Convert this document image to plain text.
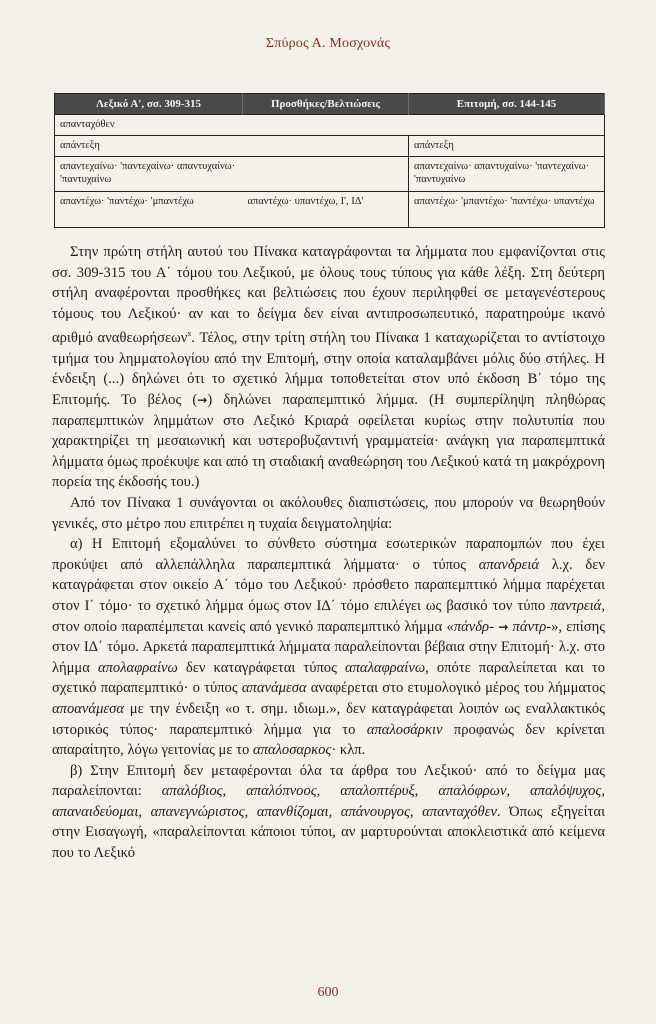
Σπύρος Α. Μοσχονάς
Λεξικό Α', σσ. 309-315	Προσθήκες/Βελτιώσεις	Επιτομή, σσ. 144-145
απανταχόθεν		
απάντεξη		απάντεξη
απαντεχαίνω· 'παντεχαίνω· απαντυχαίνω· 'παντυχαίνω		απαντεχαίνω· απαντυχαίνω· 'παντεχαίνω· 'παντυχαίνω
απαντέχω· 'παντέχω· 'μπαντέχω	απαντέχω· υπαντέχω, Ι', ΙΔ'	απαντέχω· 'μπαντέχω· 'παντέχω· υπαντέχω

Στην πρώτη στήλη αυτού του Πίνακα καταγράφονται τα λήμματα που εμφανίζονται στις σσ. 309-315 του Α΄ τόμου του Λεξικού, με όλους τους τύπους για κάθε λέξη. Στη δεύτερη στήλη αναφέρονται προσθήκες και βελτιώσεις που έχουν περιληφθεί σε μεταγενέστερους τόμους του Λεξικού· αν και το δείγμα δεν είναι αντιπροσωπευτικό, παρατηρούμε ικανό αριθμό αναθεωρήσεων$^x$. Τέλος, στην τρίτη στήλη του Πίνακα 1 καταχωρίζεται το αντίστοιχο τμήμα του λημματολογίου από την Επιτομή, στην οποία καταλαμβάνει μόλις δύο στήλες. Η ένδειξη (...) δηλώνει ότι το σχετικό λήμμα τοποθετείται στον υπό έκδοση Β΄ τόμο της Επιτομής. Το βέλος (→) δηλώνει παραπεμπτικό λήμμα. (Η συμπερίληψη πληθώρας παραπεμπτικών λημμάτων στο Λεξικό Κριαρά οφείλεται κυρίως στην πολυτυπία που χαρακτηρίζει τη μεσαιωνική και υστεροβυζαντινή γραμματεία· ανάγκη για παραπεμπτικά λήμματα όμως προέκυψε και από τη σταδιακή αναθεώρηση του Λεξικού κατά τη μακρόχρονη πορεία της έκδοσής του.)

Από τον Πίνακα 1 συνάγονται οι ακόλουθες διαπιστώσεις, που μπορούν να θεωρηθούν γενικές, στο μέτρο που επιτρέπει η τυχαία δειγματοληψία:

α) Η Επιτομή εξομαλύνει το σύνθετο σύστημα εσωτερικών παραπομπών που έχει προκύψει από αλλεπάλληλα παραπεμπτικά λήμματα· ο τύπος απανδρειά λ.χ. δεν καταγράφεται στον οικείο Α΄ τόμο του Λεξικού· πρόσθετο παραπεμπτικό λήμμα παρέχεται στον Ι΄ τόμο· το σχετικό λήμμα όμως στον ΙΔ΄ τόμο επιλέγει ως βασικό τον τύπο παντρειά, στον οποίο παραπέμπεται κανείς από γενικό παραπεμπτικό λήμμα «πάνδρ- → πάντρ-», επίσης στον ΙΔ΄ τόμο. Αρκετά παραπεμπτικά λήμματα παραλείπονται βέβαια στην Επιτομή· λ.χ. στο λήμμα απολαφραίνω δεν καταγράφεται τύπος απαλαφραίνω, οπότε παραλείπεται και το σχετικό παραπεμπτικό· ο τύπος απανάμεσα αναφέρεται στο ετυμολογικό μέρος του λήμματος αποανάμεσα με την ένδειξη «ο τ. σημ. ιδιωμ.», δεν καταγράφεται λοιπόν ως εναλλακτικός ιστορικός τύπος· παραπεμπτικό λήμμα για το απαλοσάρκιν προφανώς δεν κρίνεται απαραίτητο, λόγω γειτονίας με το απαλοσαρκος· κλπ.

β) Στην Επιτομή δεν μεταφέρονται όλα τα άρθρα του Λεξικού· από το δείγμα μας παραλείπονται: απαλόβιος, απαλόπνοος, απαλοπτέρυξ, απαλόφρων, απαλόψυχος, απαναιδεύομαι, απανεγνώριστος, απανθίζομαι, απάνουργος, απανταχόθεν. Όπως εξηγείται στην Εισαγωγή, «παραλείπονται κάποιοι τύποι, αν μαρτυρούνται αποκλειστικά από κείμενα που το Λεξικό

600
